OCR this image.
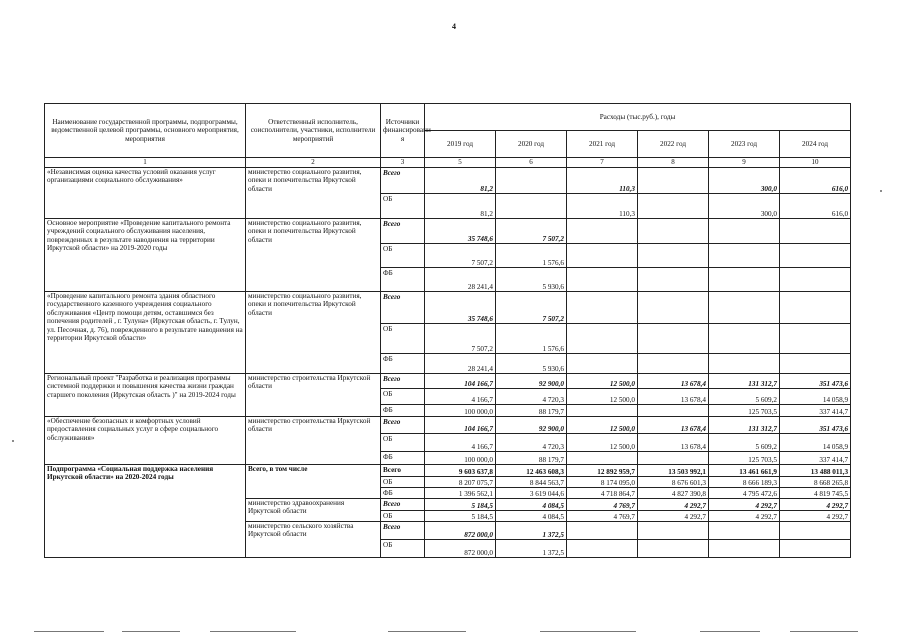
4
Наименование государственной программы, подпрограммы, ведомственной целевой программы, основного мероприятия, мероприятия	Ответственный исполнитель, соисполнители, участники, исполнители мероприятий	Источники финансировани я	Расходы (тыс.руб.), годы					
			2019 год	2020 год	2021 год	2022 год	2023 год	2024 год
1	2	3	5	6	7	8	9	10
«Независимая оценка качества условий оказания услуг организациями социального обслуживания»	министерство социального развития, опеки и попечительства Иркутской области	Всего	81,2		110,3		300,0	616,0
		ОБ	81,2		110,3		300,0	616,0
Основное мероприятие «Проведение капитального ремонта учреждений социального обслуживания населения, поврежденных в результате наводнения на территории Иркутской области» на 2019-2020 годы	министерство социального развития, опеки и попечительства Иркутской области	Всего	35 748,6	7 507,2				
		ОБ	7 507,2	1 576,6				
		ФБ	28 241,4	5 930,6				
«Проведение капитального ремонта здания областного государственного казенного учреждения социального обслуживания «Центр помощи детям, оставшимся без попечения родителей , г. Тулуна» (Иркутская область, г. Тулун, ул. Песочная, д. 76), поврежденного в результате наводнения на территории Иркутской области»	министерство социального развития, опеки и попечительства Иркутской области	Всего	35 748,6	7 507,2				
		ОБ	7 507,2	1 576,6				
		ФБ	28 241,4	5 930,6				
Региональный проект "Разработка и реализация программы системной поддержки и повышения качества жизни граждан старшего поколения (Иркутская область )" на 2019-2024 годы	министерство строительства Иркутской области	Всего	104 166,7	92 900,0	12 500,0	13 678,4	131 312,7	351 473,6
		ОБ	4 166,7	4 720,3	12 500,0	13 678,4	5 609,2	14 058,9
		ФБ	100 000,0	88 179,7			125 703,5	337 414,7
«Обеспечение безопасных и комфортных условий предоставления социальных услуг в сфере социального обслуживания»	министерство строительства Иркутской области	Всего	104 166,7	92 900,0	12 500,0	13 678,4	131 312,7	351 473,6
		ОБ	4 166,7	4 720,3	12 500,0	13 678,4	5 609,2	14 058,9
		ФБ	100 000,0	88 179,7			125 703,5	337 414,7
Подпрограмма «Социальная поддержка населения Иркутской области» на 2020-2024 годы	Всего, в том числе	Всего	9 603 637,8	12 463 608,3	12 892 959,7	13 503 992,1	13 461 661,9	13 488 011,3
		ОБ	8 207 075,7	8 844 563,7	8 174 095,0	8 676 601,3	8 666 189,3	8 668 265,8
		ФБ	1 396 562,1	3 619 044,6	4 718 864,7	4 827 390,8	4 795 472,6	4 819 745,5
	министерство здравоохранения Иркутской области	Всего	5 184,5	4 084,5	4 769,7	4 292,7	4 292,7	4 292,7
		ОБ	5 184,5	4 084,5	4 769,7	4 292,7	4 292,7	4 292,7
	министерство сельского хозяйства Иркутской области	Всего	872 000,0	1 372,5				
		ОБ	872 000,0	1 372,5				
